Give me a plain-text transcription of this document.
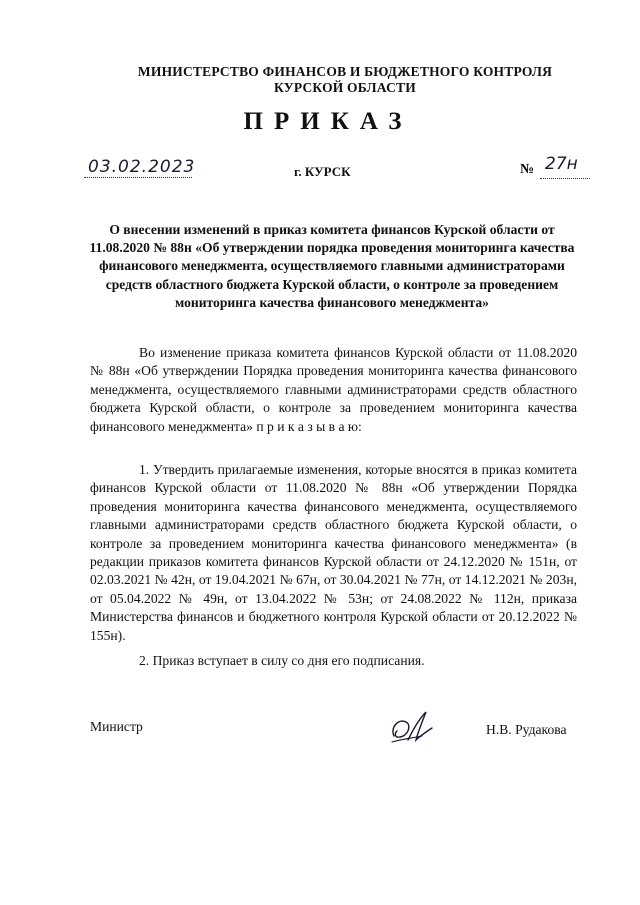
МИНИСТЕРСТВО ФИНАНСОВ И БЮДЖЕТНОГО КОНТРОЛЯ
КУРСКОЙ ОБЛАСТИ
ПРИКАЗ
03.02.2023	г. КУРСК	№ 27н
О внесении изменений в приказ комитета финансов Курской области от 11.08.2020 № 88н «Об утверждении порядка проведения мониторинга качества финансового менеджмента, осуществляемого главными администраторами средств областного бюджета Курской области, о контроле за проведением мониторинга качества финансового менеджмента»
Во изменение приказа комитета финансов Курской области от 11.08.2020 № 88н «Об утверждении Порядка проведения мониторинга качества финансового менеджмента, осуществляемого главными администраторами средств областного бюджета Курской области, о контроле за проведением мониторинга качества финансового менеджмента» п р и к а з ы в а ю:
1. Утвердить прилагаемые изменения, которые вносятся в приказ комитета финансов Курской области от 11.08.2020 № 88н «Об утверждении Порядка проведения мониторинга качества финансового менеджмента, осуществляемого главными администраторами средств областного бюджета Курской области, о контроле за проведением мониторинга качества финансового менеджмента» (в редакции приказов комитета финансов Курской области от 24.12.2020 № 151н, от 02.03.2021 № 42н, от 19.04.2021 № 67н, от 30.04.2021 № 77н, от 14.12.2021 № 203н, от 05.04.2022 № 49н, от 13.04.2022 № 53н; от 24.08.2022 № 112н, приказа Министерства финансов и бюджетного контроля Курской области от 20.12.2022 № 155н).
2. Приказ вступает в силу со дня его подписания.
Министр	Н.В. Рудакова
